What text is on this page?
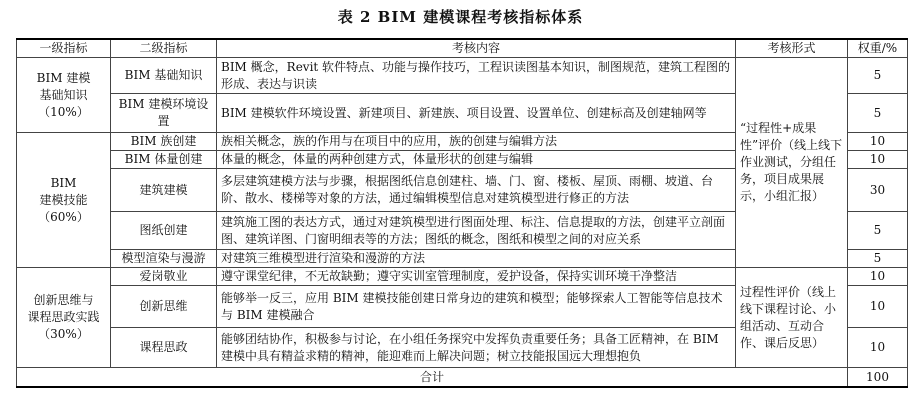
表 2 BIM 建模课程考核指标体系
一级指标	二级指标	考核内容	考核形式	权重/%

BIM 建模
基础知识
（10%）	BIM 基础知识	BIM 概念，Revit 软件特点、功能与操作技巧，工程识读图基本知识，制图规范，建筑工程图的形成、表达与识读	“过程性+成果性”评价（线上线下作业测试，分组任务，项目成果展示，小组汇报）	5
	BIM 建模环境设置	BIM 建模软件环境设置、新建项目、新建族、项目设置、设置单位、创建标高及创建轴网等		5

BIM
建模技能
（60%）	BIM 族创建	族相关概念，族的作用与在项目中的应用，族的创建与编辑方法		10
	BIM 体量创建	体量的概念，体量的两种创建方式，体量形状的创建与编辑		10
	建筑建模	多层建筑建模方法与步骤，根据图纸信息创建柱、墙、门、窗、楼板、屋顶、雨棚、坡道、台阶、散水、楼梯等对象的方法，通过编辑模型信息对建筑模型进行修正的方法		30
	图纸创建	建筑施工图的表达方式，通过对建筑模型进行图面处理、标注、信息提取的方法，创建平立剖面图、建筑详图、门窗明细表等的方法；图纸的概念，图纸和模型之间的对应关系		5
	模型渲染与漫游	对建筑三维模型进行渲染和漫游的方法		5

创新思维与
课程思政实践
（30%）	爱岗敬业	遵守课堂纪律，不无故缺勤；遵守实训室管理制度，爱护设备，保持实训环境干净整洁	过程性评价（线上线下课程讨论、小组活动、互动合作、课后反思）	10
	创新思维	能够举一反三，应用 BIM 建模技能创建日常身边的建筑和模型；能够探索人工智能等信息技术与 BIM 建模融合		10
	课程思政	能够团结协作，积极参与讨论，在小组任务探究中发挥负责重要任务；具备工匠精神，在 BIM 建模中具有精益求精的精神，能迎难而上解决问题；树立技能报国远大理想抱负		10
合计				100
